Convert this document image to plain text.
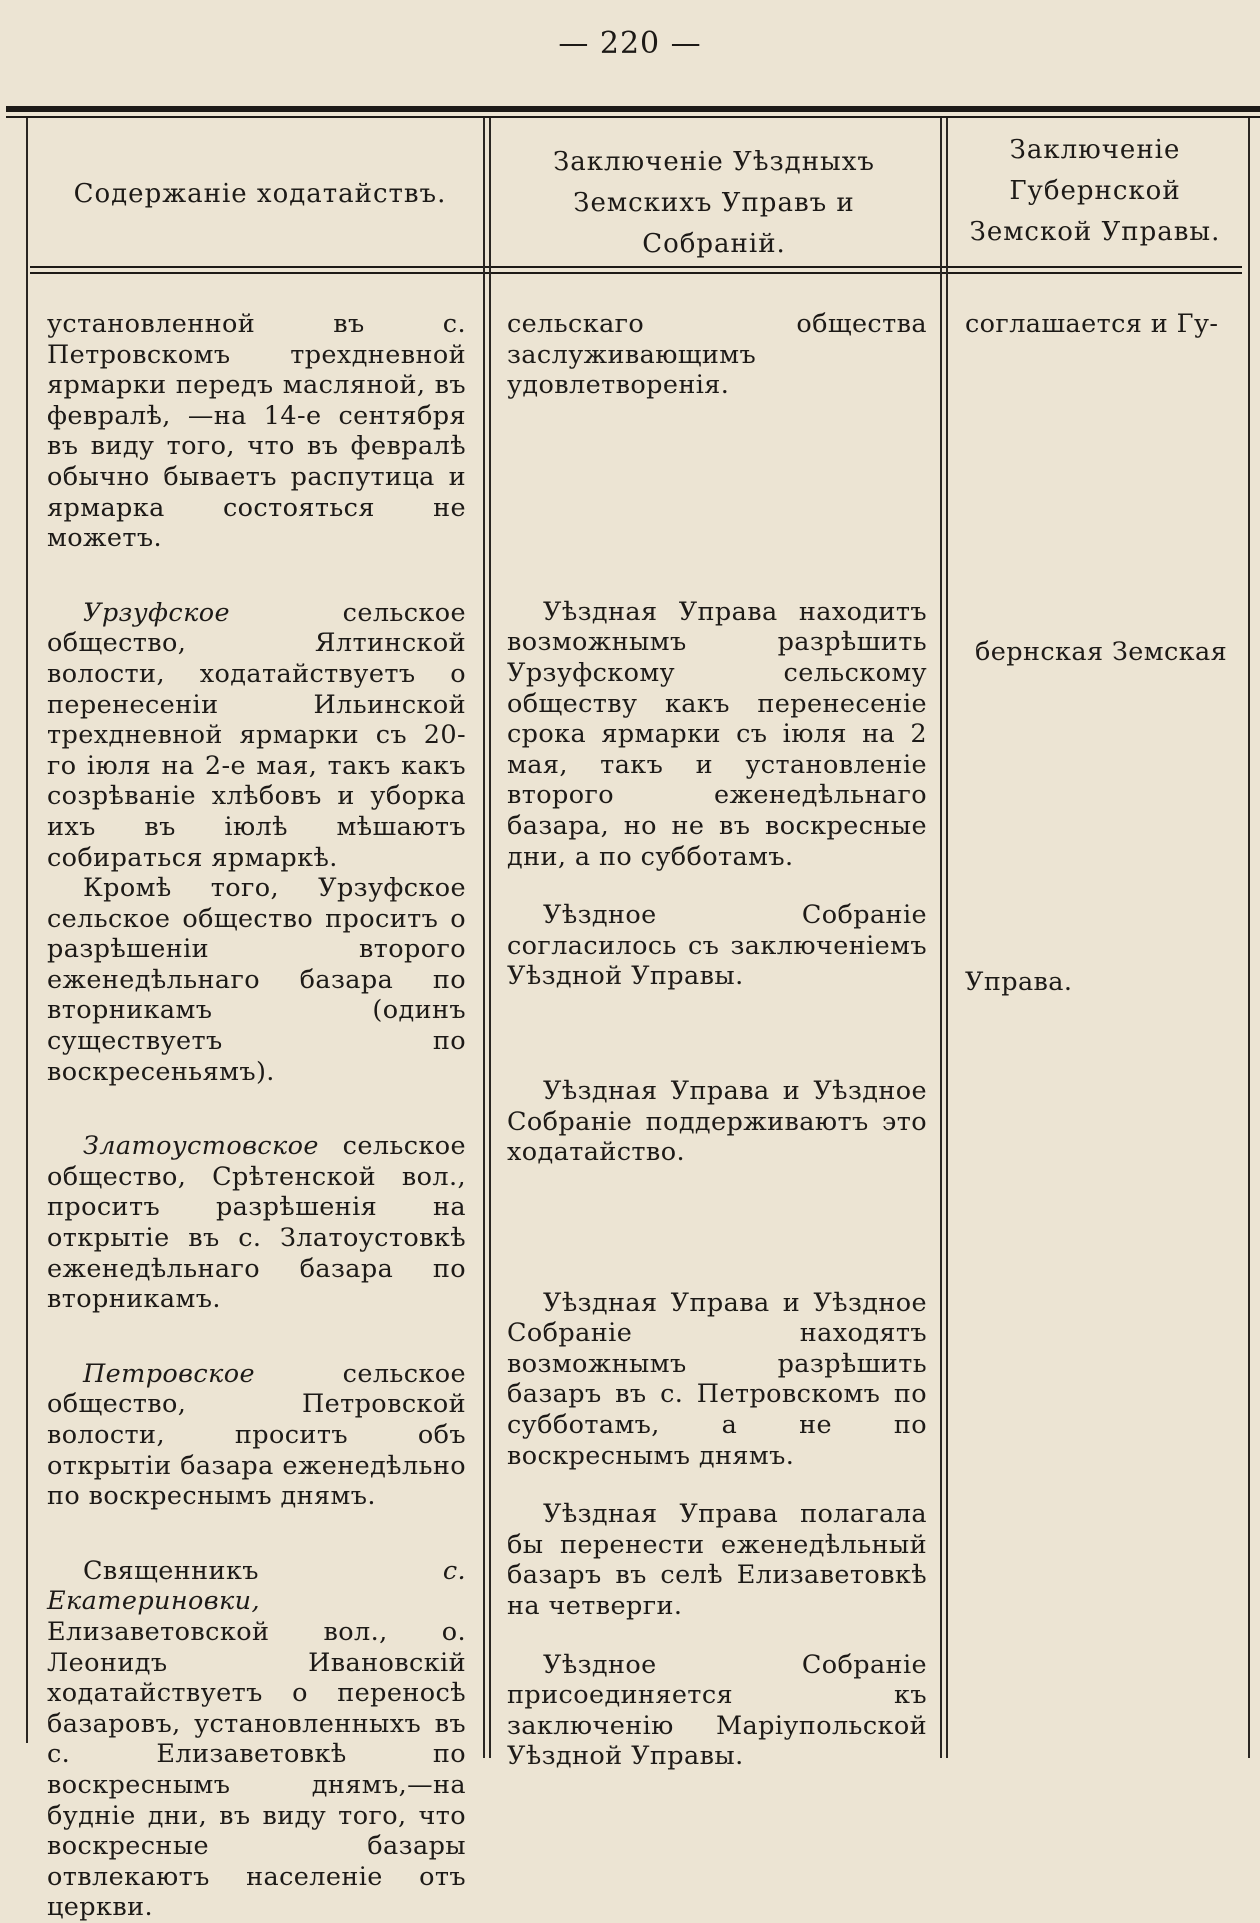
— 220 —
Содержаніе ходатайствъ.
Заключеніе Уѣздныхъ Земскихъ Управъ и Собраній.
Заключеніе Губернской Земской Управы.

установленной въ с. Петровскомъ трехдневной ярмарки передъ масляной, въ февралѣ, —на 14-е сентября въ виду того, что въ февралѣ обычно бываетъ распутица и ярмарка состояться не можетъ.

Урзуфское сельское общество, Ялтинской волости, ходатайствуетъ о перенесеніи Ильинской трехдневной ярмарки съ 20-го іюля на 2-е мая, такъ какъ созрѣваніе хлѣбовъ и уборка ихъ въ іюлѣ мѣшаютъ собираться ярмаркѣ.

Кромѣ того, Урзуфское сельское общество проситъ о разрѣшеніи второго еженедѣльнаго базара по вторникамъ (одинъ существуетъ по воскресеньямъ).

Златоустовское сельское общество, Срѣтенской вол., проситъ разрѣшенія на открытіе въ с. Златоустовкѣ еженедѣльнаго базара по вторникамъ.

Петровское сельское общество, Петровской волости, проситъ объ открытіи базара еженедѣльно по воскреснымъ днямъ.

Священникъ с. Екатериновки, Елизаветовской вол., о. Леонидъ Ивановскій ходатайствуетъ о переносѣ базаровъ, установленныхъ въ с. Елизаветовкѣ по воскреснымъ днямъ,—на будніе дни, въ виду того, что воскресные базары отвлекаютъ населеніе отъ церкви.

сельскаго общества заслуживающимъ удовлетворенія.

Уѣздная Управа находитъ возможнымъ разрѣшить Урзуфскому сельскому обществу какъ перенесеніе срока ярмарки съ іюля на 2 мая, такъ и установленіе второго еженедѣльнаго базара, но не въ воскресные дни, а по субботамъ.

Уѣздное Собраніе согласилось съ заключеніемъ Уѣздной Управы.

Уѣздная Управа и Уѣздное Собраніе поддерживаютъ это ходатайство.

Уѣздная Управа и Уѣздное Собраніе находятъ возможнымъ разрѣшить базаръ въ с. Петровскомъ по субботамъ, а не по воскреснымъ днямъ.

Уѣздная Управа полагала бы перенести еженедѣльный базаръ въ селѣ Елизаветовкѣ на четверги.

Уѣздное Собраніе присоединяется къ заключенію Маріупольской Уѣздной Управы.

соглашается и Гу-
бернская Земская
Управа.
